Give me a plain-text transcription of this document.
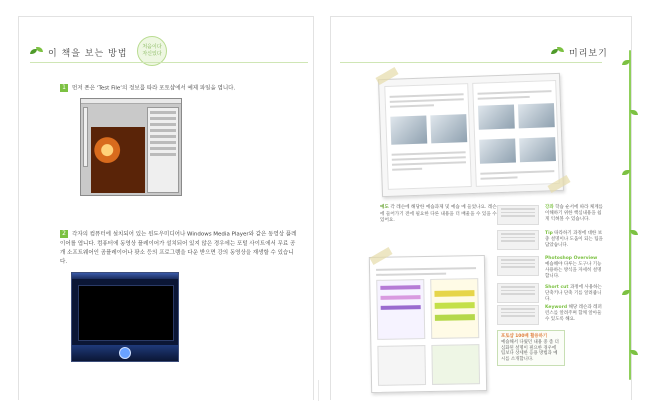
이 책을 보는 방법
처음이다 자신있다	미리보기
1 먼저 폰은 ‘Test File’의 정보를 따라 포토샵에서 예제 파일을 엽니다.
2 각자의 컴퓨터에 설치되어 있는 윈도우미디어나 Windows Media Player와 같은 동영상 플레이어를 엽니다. 컴퓨터에 동영상 플레이어가 설치되어 있지 않은 경우에는 포털 사이트에서 무료 공개 소프트웨어인 곰플레이어나 팟소 등의 프로그램을 다운 받으면 강의 동영상을 재생할 수 있습니다.
예도 각 레슨에 해당한 예습과제 및 예습 예 들었나요. 레슨에 들어가기 전에 필요한 다른 내용을 더 배울을 수 있을 수 있어요.
강좌 학습 순서에 따라 체계를 이해하기 위한 핵심내용을 쉽게 익혀볼 수 있습니다.
Tip 따라하기 과정에 대한 보충 설명이나 도움이 되는 팁을 담았습니다.
Photoshop Overview
예습해야 다루는 도구나 기능 사용하는 방식을 자세히 설명합니다.
Short cut 과정에 사용하는 단축키나 단축 기를 알려줍니다.
Keyword 해당 레슨과 레퍼런스를 알려주며 함께 알아둘 수 있도록 해요.
포토샵 100배 활용하기
예습해서 다뤘던 내용 중 좀 더 심화된 설명이 필요한 경우에 팁보다 상세한 응용 방법과 예시를 소개합니다.
